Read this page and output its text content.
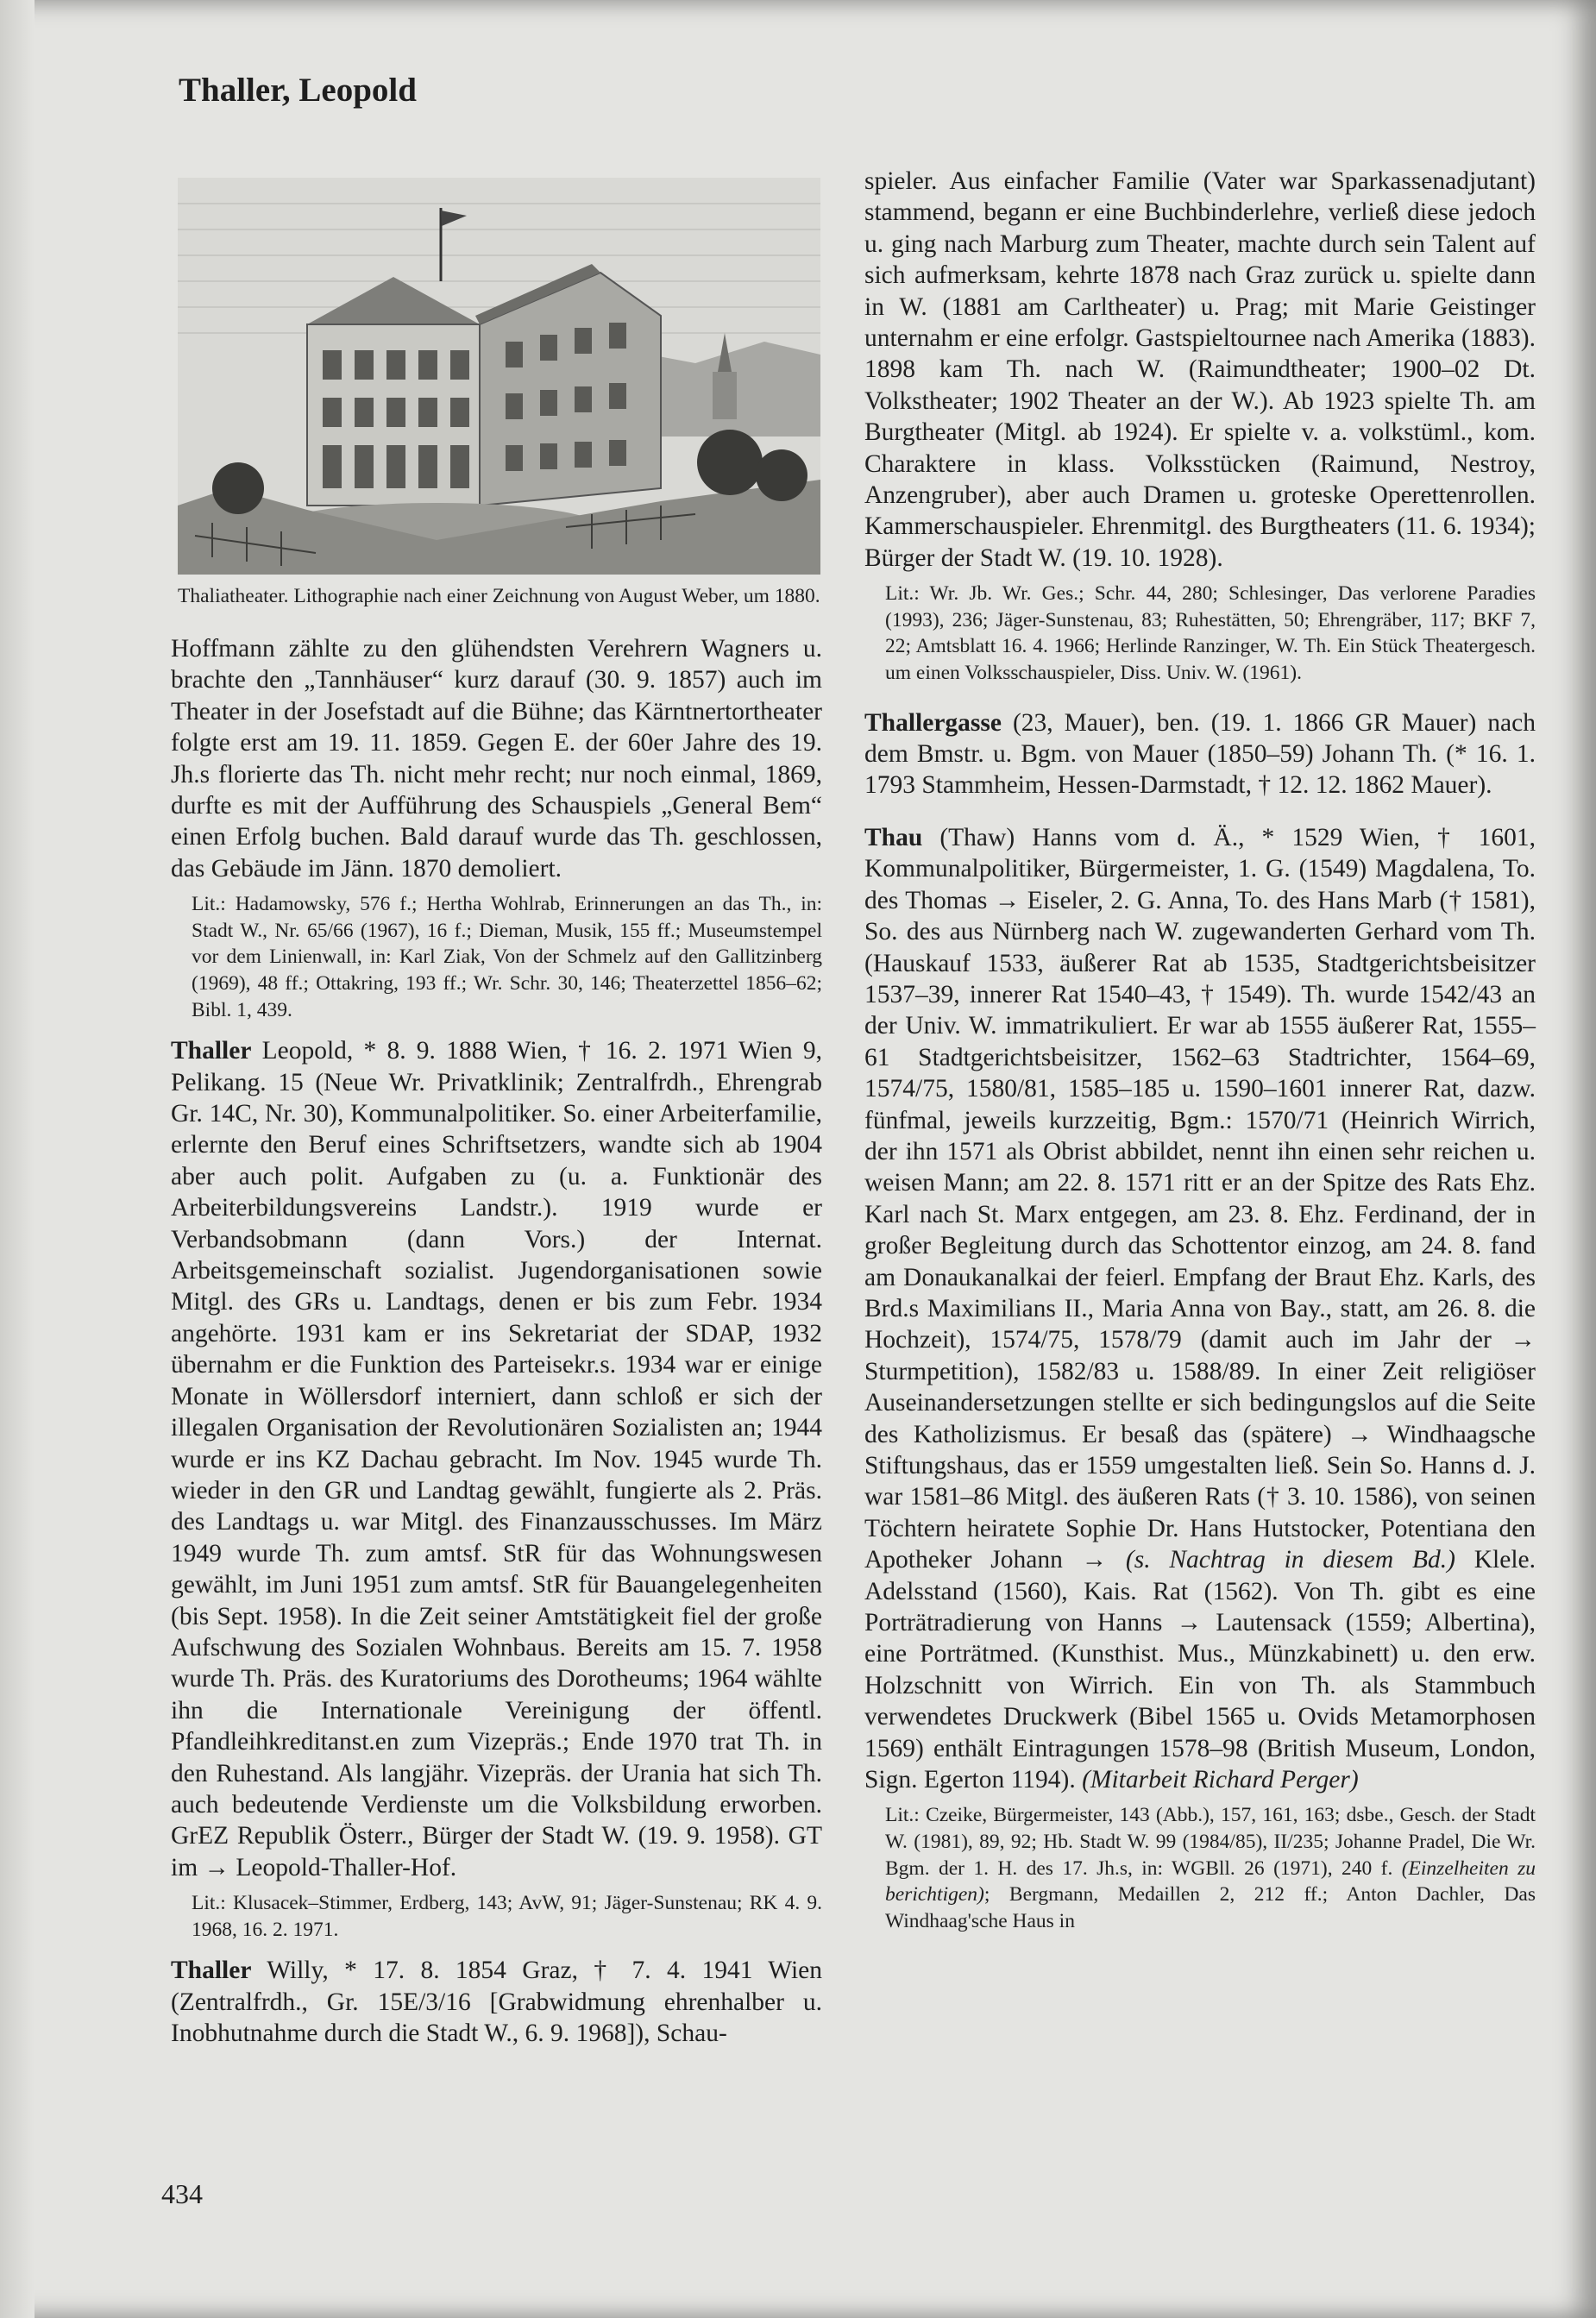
Thaller, Leopold

Thaliatheater. Lithographie nach einer Zeichnung von August Weber, um 1880.

Hoffmann zählte zu den glühendsten Verehrern Wagners u. brachte den „Tannhäuser“ kurz darauf (30. 9. 1857) auch im Theater in der Josefstadt auf die Bühne; das Kärntnertortheater folgte erst am 19. 11. 1859. Gegen E. der 60er Jahre des 19. Jh.s florierte das Th. nicht mehr recht; nur noch einmal, 1869, durfte es mit der Aufführung des Schauspiels „General Bem“ einen Erfolg buchen. Bald darauf wurde das Th. geschlossen, das Gebäude im Jänn. 1870 demoliert.

Lit.: Hadamowsky, 576 f.; Hertha Wohlrab, Erinnerungen an das Th., in: Stadt W., Nr. 65/66 (1967), 16 f.; Dieman, Musik, 155 ff.; Museumstempel vor dem Linienwall, in: Karl Ziak, Von der Schmelz auf den Gallitzinberg (1969), 48 ff.; Ottakring, 193 ff.; Wr. Schr. 30, 146; Theaterzettel 1856–62; Bibl. 1, 439.

Thaller Leopold, * 8. 9. 1888 Wien, † 16. 2. 1971 Wien 9, Pelikang. 15 (Neue Wr. Privatklinik; Zentralfrdh., Ehrengrab Gr. 14C, Nr. 30), Kommunalpolitiker. So. einer Arbeiterfamilie, erlernte den Beruf eines Schriftsetzers, wandte sich ab 1904 aber auch polit. Aufgaben zu (u. a. Funktionär des Arbeiterbildungsvereins Landstr.). 1919 wurde er Verbandsobmann (dann Vors.) der Internat. Arbeitsgemeinschaft sozialist. Jugendorganisationen sowie Mitgl. des GRs u. Landtags, denen er bis zum Febr. 1934 angehörte. 1931 kam er ins Sekretariat der SDAP, 1932 übernahm er die Funktion des Parteisekr.s. 1934 war er einige Monate in Wöllersdorf interniert, dann schloß er sich der illegalen Organisation der Revolutionären Sozialisten an; 1944 wurde er ins KZ Dachau gebracht. Im Nov. 1945 wurde Th. wieder in den GR und Landtag gewählt, fungierte als 2. Präs. des Landtags u. war Mitgl. des Finanzausschusses. Im März 1949 wurde Th. zum amtsf. StR für das Wohnungswesen gewählt, im Juni 1951 zum amtsf. StR für Bauangelegenheiten (bis Sept. 1958). In die Zeit seiner Amtstätigkeit fiel der große Aufschwung des Sozialen Wohnbaus. Bereits am 15. 7. 1958 wurde Th. Präs. des Kuratoriums des Dorotheums; 1964 wählte ihn die Internationale Vereinigung der öffentl. Pfandleihkreditanst.en zum Vizepräs.; Ende 1970 trat Th. in den Ruhestand. Als langjähr. Vizepräs. der Urania hat sich Th. auch bedeutende Verdienste um die Volksbildung erworben. GrEZ Republik Österr., Bürger der Stadt W. (19. 9. 1958). GT im → Leopold-Thaller-Hof.

Lit.: Klusacek–Stimmer, Erdberg, 143; AvW, 91; Jäger-Sunstenau; RK 4. 9. 1968, 16. 2. 1971.

Thaller Willy, * 17. 8. 1854 Graz, † 7. 4. 1941 Wien (Zentralfrdh., Gr. 15E/3/16 [Grabwidmung ehrenhalber u. Inobhutnahme durch die Stadt W., 6. 9. 1968]), Schau-

spieler. Aus einfacher Familie (Vater war Sparkassenadjutant) stammend, begann er eine Buchbinderlehre, verließ diese jedoch u. ging nach Marburg zum Theater, machte durch sein Talent auf sich aufmerksam, kehrte 1878 nach Graz zurück u. spielte dann in W. (1881 am Carltheater) u. Prag; mit Marie Geistinger unternahm er eine erfolgr. Gastspieltournee nach Amerika (1883). 1898 kam Th. nach W. (Raimundtheater; 1900–02 Dt. Volkstheater; 1902 Theater an der W.). Ab 1923 spielte Th. am Burgtheater (Mitgl. ab 1924). Er spielte v. a. volkstüml., kom. Charaktere in klass. Volksstücken (Raimund, Nestroy, Anzengruber), aber auch Dramen u. groteske Operettenrollen. Kammerschauspieler. Ehrenmitgl. des Burgtheaters (11. 6. 1934); Bürger der Stadt W. (19. 10. 1928).

Lit.: Wr. Jb. Wr. Ges.; Schr. 44, 280; Schlesinger, Das verlorene Paradies (1993), 236; Jäger-Sunstenau, 83; Ruhestätten, 50; Ehrengräber, 117; BKF 7, 22; Amtsblatt 16. 4. 1966; Herlinde Ranzinger, W. Th. Ein Stück Theatergesch. um einen Volksschauspieler, Diss. Univ. W. (1961).

Thallergasse (23, Mauer), ben. (19. 1. 1866 GR Mauer) nach dem Bmstr. u. Bgm. von Mauer (1850–59) Johann Th. (* 16. 1. 1793 Stammheim, Hessen-Darmstadt, † 12. 12. 1862 Mauer).

Thau (Thaw) Hanns vom d. Ä., * 1529 Wien, † 1601, Kommunalpolitiker, Bürgermeister, 1. G. (1549) Magdalena, To. des Thomas → Eiseler, 2. G. Anna, To. des Hans Marb († 1581), So. des aus Nürnberg nach W. zugewanderten Gerhard vom Th. (Hauskauf 1533, äußerer Rat ab 1535, Stadtgerichtsbeisitzer 1537–39, innerer Rat 1540–43, † 1549). Th. wurde 1542/43 an der Univ. W. immatrikuliert. Er war ab 1555 äußerer Rat, 1555–61 Stadtgerichtsbeisitzer, 1562–63 Stadtrichter, 1564–69, 1574/75, 1580/81, 1585–185 u. 1590–1601 innerer Rat, dazw. fünfmal, jeweils kurzzeitig, Bgm.: 1570/71 (Heinrich Wirrich, der ihn 1571 als Obrist abbildet, nennt ihn einen sehr reichen u. weisen Mann; am 22. 8. 1571 ritt er an der Spitze des Rats Ehz. Karl nach St. Marx entgegen, am 23. 8. Ehz. Ferdinand, der in großer Begleitung durch das Schottentor einzog, am 24. 8. fand am Donaukanalkai der feierl. Empfang der Braut Ehz. Karls, des Brd.s Maximilians II., Maria Anna von Bay., statt, am 26. 8. die Hochzeit), 1574/75, 1578/79 (damit auch im Jahr der → Sturmpetition), 1582/83 u. 1588/89. In einer Zeit religiöser Auseinandersetzungen stellte er sich bedingungslos auf die Seite des Katholizismus. Er besaß das (spätere) → Windhaagsche Stiftungshaus, das er 1559 umgestalten ließ. Sein So. Hanns d. J. war 1581–86 Mitgl. des äußeren Rats († 3. 10. 1586), von seinen Töchtern heiratete Sophie Dr. Hans Hutstocker, Potentiana den Apotheker Johann → (s. Nachtrag in diesem Bd.) Klele. Adelsstand (1560), Kais. Rat (1562). Von Th. gibt es eine Porträtradierung von Hanns → Lautensack (1559; Albertina), eine Porträtmed. (Kunsthist. Mus., Münzkabinett) u. den erw. Holzschnitt von Wirrich. Ein von Th. als Stammbuch verwendetes Druckwerk (Bibel 1565 u. Ovids Metamorphosen 1569) enthält Eintragungen 1578–98 (British Museum, London, Sign. Egerton 1194). (Mitarbeit Richard Perger)

Lit.: Czeike, Bürgermeister, 143 (Abb.), 157, 161, 163; dsbe., Gesch. der Stadt W. (1981), 89, 92; Hb. Stadt W. 99 (1984/85), II/235; Johanne Pradel, Die Wr. Bgm. der 1. H. des 17. Jh.s, in: WGBll. 26 (1971), 240 f. (Einzelheiten zu berichtigen); Bergmann, Medaillen 2, 212 ff.; Anton Dachler, Das Windhaag'sche Haus in

434
